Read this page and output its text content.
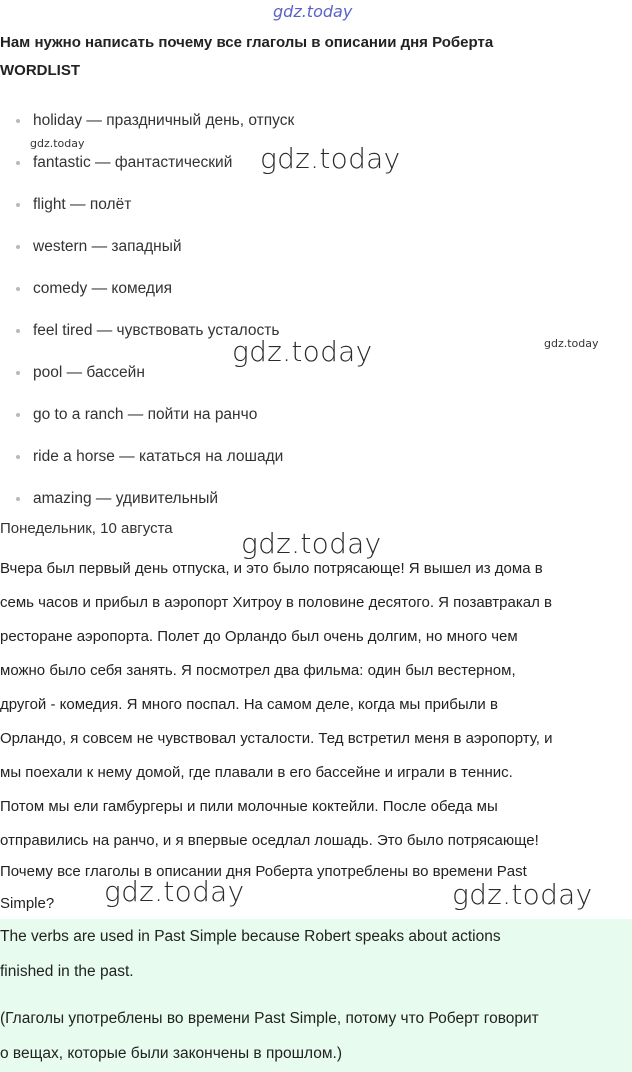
gdz.today
gdz.today
gdz.today
Нам нужно написать почему все глаголы в описании дня Роберта
WORDLIST
holiday — праздничный день, отпуск
fantastic — фантастический
flight — полёт
western — западный
comedy — комедия
feel tired — чувствовать усталость
pool — бассейн
go to a ranch — пойти на ранчо
ride a horse — кататься на лошади
amazing — удивительный
Понедельник, 10 августа
Вчера был первый день отпуска, и это было потрясающе! Я вышел из дома в
семь часов и прибыл в аэропорт Хитроу в половине десятого. Я позавтракал в
ресторане аэропорта. Полет до Орландо был очень долгим, но много чем
можно было себя занять. Я посмотрел два фильма: один был вестерном,
другой - комедия. Я много поспал. На самом деле, когда мы прибыли в
Орландо, я совсем не чувствовал усталости. Тед встретил меня в аэропорту, и
мы поехали к нему домой, где плавали в его бассейне и играли в теннис.
Потом мы ели гамбургеры и пили молочные коктейли. После обеда мы
отправились на ранчо, и я впервые оседлал лошадь. Это было потрясающе!
Почему все глаголы в описании дня Роберта употреблены во времени Past
Simple?
The verbs are used in Past Simple because Robert speaks about actions
finished in the past.
(Глаголы употреблены во времени Past Simple, потому что Роберт говорит
о вещах, которые были закончены в прошлом.)
gdz.today
gdz.today
gdz.today
gdz.today	gdz.today
